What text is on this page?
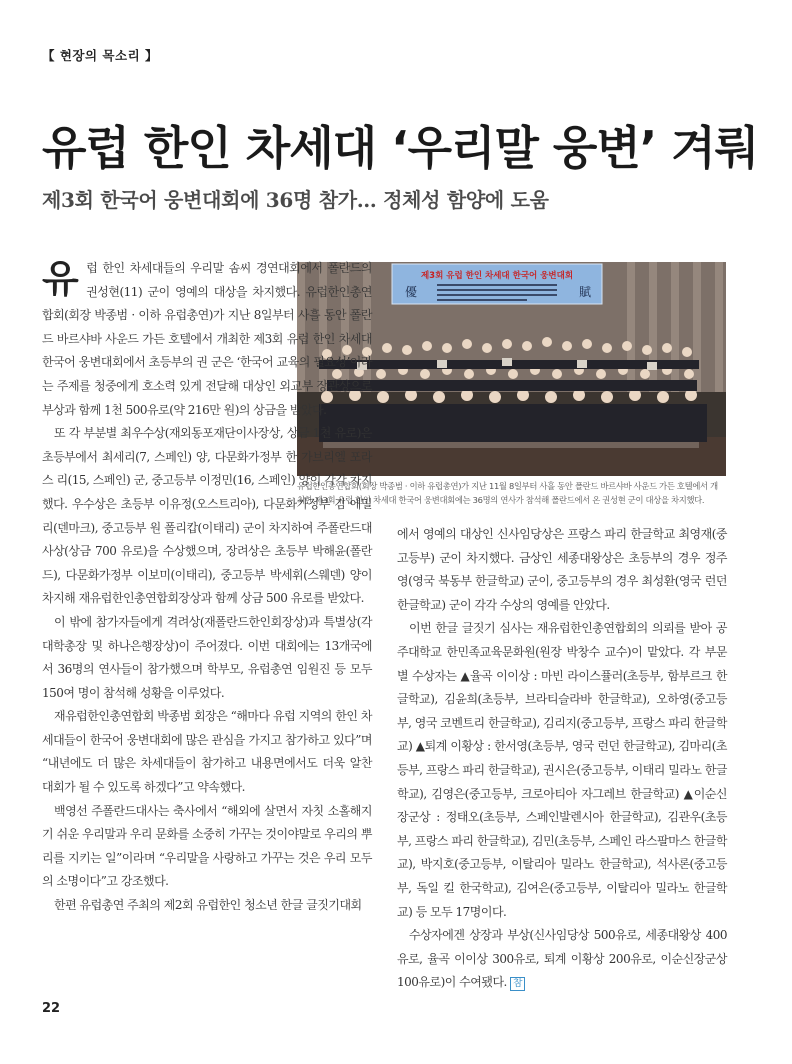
【 현장의 목소리 】
유럽 한인 차세대 ‘우리말 웅변’ 겨뤄
제3회 한국어 웅변대회에 36명 참가… 정체성 함양에 도움
제3회 유럽 한인 차세대 한국어 웅변대회
優	賦

유럽한인총연합회(회장 박종범 · 이하 유럽총연)가 지난 11월 8일부터 사흘 동안 폴란드 바르샤바 사운드 가든 호텔에서 개

최한 제3회 유럽 한인 차세대 한국어 웅변대회에는 36명의 연사가 참석해 폴란드에서 온 권성현 군이 대상을 차지했다.

유럽 한인 차세대들의 우리말 솜씨 경연대회에서 폴란드의 권성현(11) 군이 영예의 대상을 차지했다. 유럽한인총연합회(회장 박종범 · 이하 유럽총연)가 지난 8일부터 사흘 동안 폴란드 바르샤바 사운드 가든 호텔에서 개최한 제3회 유럽 한인 차세대 한국어 웅변대회에서 초등부의 권 군은 ‘한국어 교육의 필요성’이라는 주제를 청중에게 호소력 있게 전달해 대상인 외교부 장관상으로 부상과 함께 1천 500유로(약 216만 원)의 상금을 받았다.

또 각 부분별 최우수상(재외동포재단이사장상, 상금 1천 유로)은 초등부에서 최세리(7, 스페인) 양, 다문화가정부 한 가브리엘 포라스 리(15, 스페인) 군, 중고등부 이정민(16, 스페인) 양이 각각 차지했다. 우수상은 초등부 이유정(오스트리아), 다문화가정부 김 에밀리(덴마크), 중고등부 원 폴리캅(이태리) 군이 차지하여 주폴란드대사상(상금 700 유로)을 수상했으며, 장려상은 초등부 박해윤(폴란드), 다문화가정부 이보미(이태리), 중고등부 박세휘(스웨덴) 양이 차지해 재유럽한인총연합회장상과 함께 상금 500 유로를 받았다.

이 밖에 참가자들에게 격려상(재폴란드한인회장상)과 특별상(각 대학총장 및 하나은행장상)이 주어졌다. 이번 대회에는 13개국에서 36명의 연사들이 참가했으며 학부모, 유럽총연 임원진 등 모두 150여 명이 참석해 성황을 이루었다.

재유럽한인총연합회 박종범 회장은 “해마다 유럽 지역의 한인 차세대들이 한국어 웅변대회에 많은 관심을 가지고 참가하고 있다”며 “내년에도 더 많은 차세대들이 참가하고 내용면에서도 더욱 알찬 대회가 될 수 있도록 하겠다”고 약속했다.

백영선 주폴란드대사는 축사에서 “해외에 살면서 자칫 소홀해지기 쉬운 우리말과 우리 문화를 소중히 가꾸는 것이야말로 우리의 뿌리를 지키는 일”이라며 “우리말을 사랑하고 가꾸는 것은 우리 모두의 소명이다”고 강조했다.

한편 유럽총연 주최의 제2회 유럽한인 청소년 한글 글짓기대회

에서 영예의 대상인 신사임당상은 프랑스 파리 한글학교 최영재(중고등부) 군이 차지했다. 금상인 세종대왕상은 초등부의 경우 정주영(영국 북동부 한글학교) 군이, 중고등부의 경우 최성환(영국 런던 한글학교) 군이 각각 수상의 영예를 안았다.

이번 한글 글짓기 심사는 재유럽한인총연합회의 의뢰를 받아 공주대학교 한민족교육문화원(원장 박창수 교수)이 맡았다. 각 부문별 수상자는 ▲율곡 이이상 : 마빈 라이스퓰러(초등부, 함부르크 한글학교), 김윤희(초등부, 브라티슬라바 한글학교), 오하영(중고등부, 영국 코벤트리 한글학교), 김리지(중고등부, 프랑스 파리 한글학교) ▲퇴계 이황상 : 한서영(초등부, 영국 런던 한글학교), 김마리(초등부, 프랑스 파리 한글학교), 권시은(중고등부, 이태리 밀라노 한글학교), 김영은(중고등부, 크로아티아 자그레브 한글학교) ▲이순신장군상 : 정태오(초등부, 스페인발렌시아 한글학교), 김관우(초등부, 프랑스 파리 한글학교), 김민(초등부, 스페인 라스팔마스 한글학교), 박지호(중고등부, 이탈리아 밀라노 한글학교), 석사론(중고등부, 독일 킬 한국학교), 김여은(중고등부, 이탈리아 밀라노 한글학교) 등 모두 17명이다.

수상자에겐 상장과 부상(신사임당상 500유로, 세종대왕상 400유로, 율곡 이이상 300유로, 퇴계 이황상 200유로, 이순신장군상 100유로)이 수여됐다. 참

22
